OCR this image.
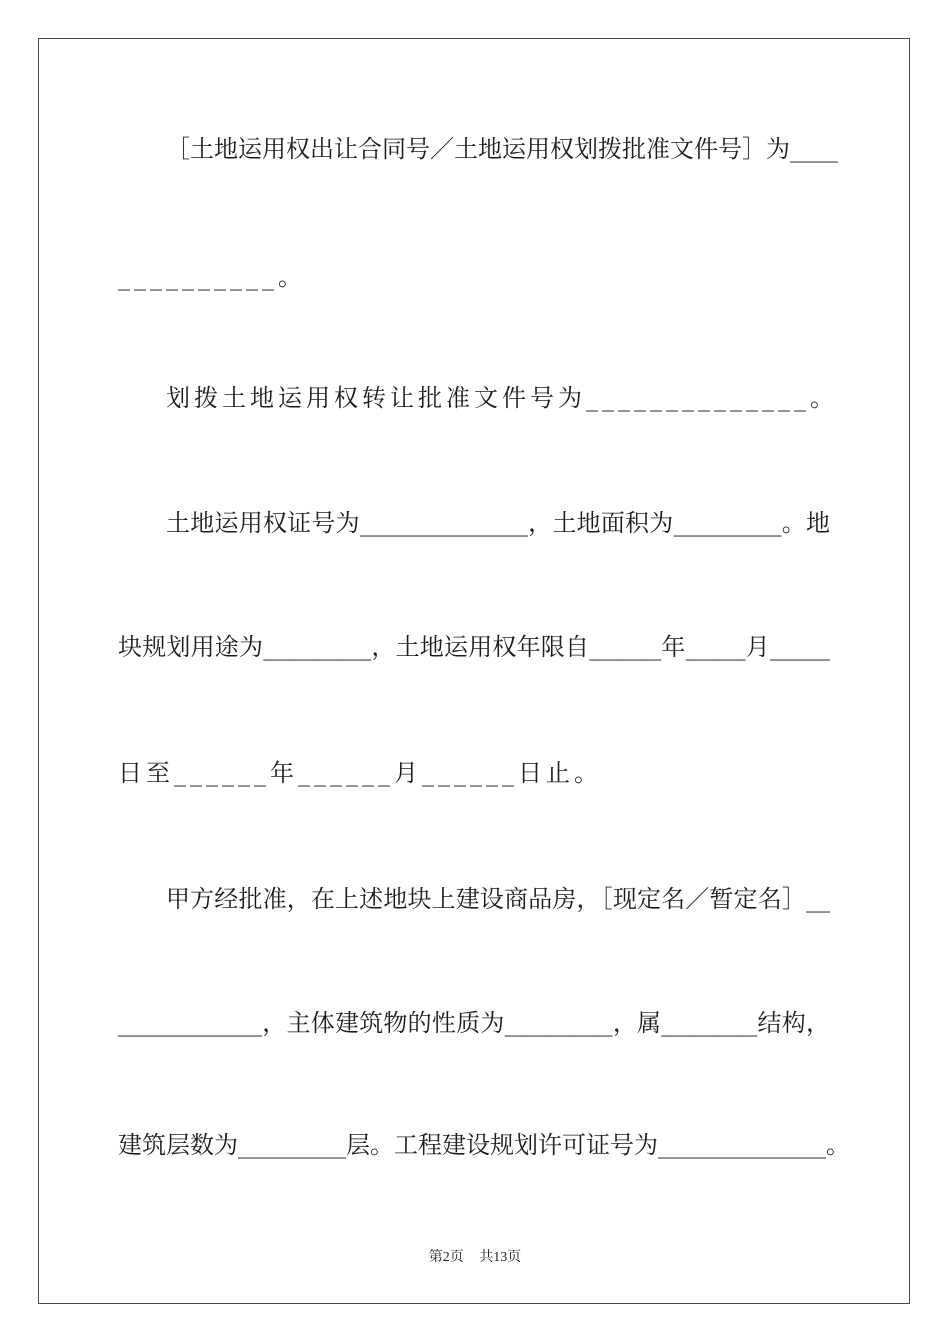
［土地运用权出让合同号／土地运用权划拨批准文件号］为____
__________。
划拨土地运用权转让批准文件号为______________。
土地运用权证号为______________，土地面积为_________。地
块规划用途为_________，土地运用权年限自______年_____月_____
日至______年______月______日止。
甲方经批准，在上述地块上建设商品房，［现定名／暂定名］__
____________，主体建筑物的性质为_________，属________结构，
建筑层数为_________层。工程建设规划许可证号为______________。
第2页 共13页
